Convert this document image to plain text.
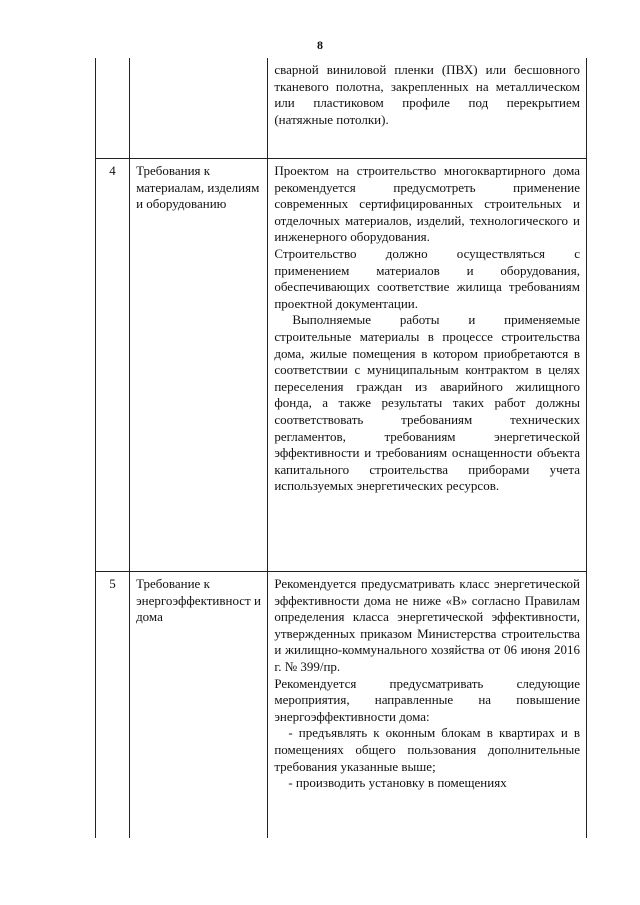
8

		сварной виниловой пленки (ПВХ) или бесшовного тканевого полотна, закрепленных на металлическом или пластиковом профиле под перекрытием (натяжные потолки).

4	Требования к материалам, изделиям и оборудованию	Проектом на строительство многоквартирного дома рекомендуется предусмотреть применение современных сертифицированных строительных и отделочных материалов, изделий, технологического и инженерного оборудования.

Строительство должно осуществляться с применением материалов и оборудования, обеспечивающих соответствие жилища требованиям проектной документации.

Выполняемые работы и применяемые строительные материалы в процессе строительства дома, жилые помещения в котором приобретаются в соответствии с муниципальным контрактом в целях переселения граждан из аварийного жилищного фонда, а также результаты таких работ должны соответствовать требованиям технических регламентов, требованиям энергетической эффективности и требованиям оснащенности объекта капитального строительства приборами учета используемых энергетических ресурсов.

5	Требование к энергоэффективност и дома	Рекомендуется предусматривать класс энергетической эффективности дома не ниже «В» согласно Правилам определения класса энергетической эффективности, утвержденных приказом Министерства строительства и жилищно-коммунального хозяйства от 06 июня 2016 г. № 399/пр.

Рекомендуется предусматривать следующие мероприятия, направленные на повышение энергоэффективности дома:

- предъявлять к оконным блокам в квартирах и в помещениях общего пользования дополнительные требования указанные выше;

- производить установку в помещениях
